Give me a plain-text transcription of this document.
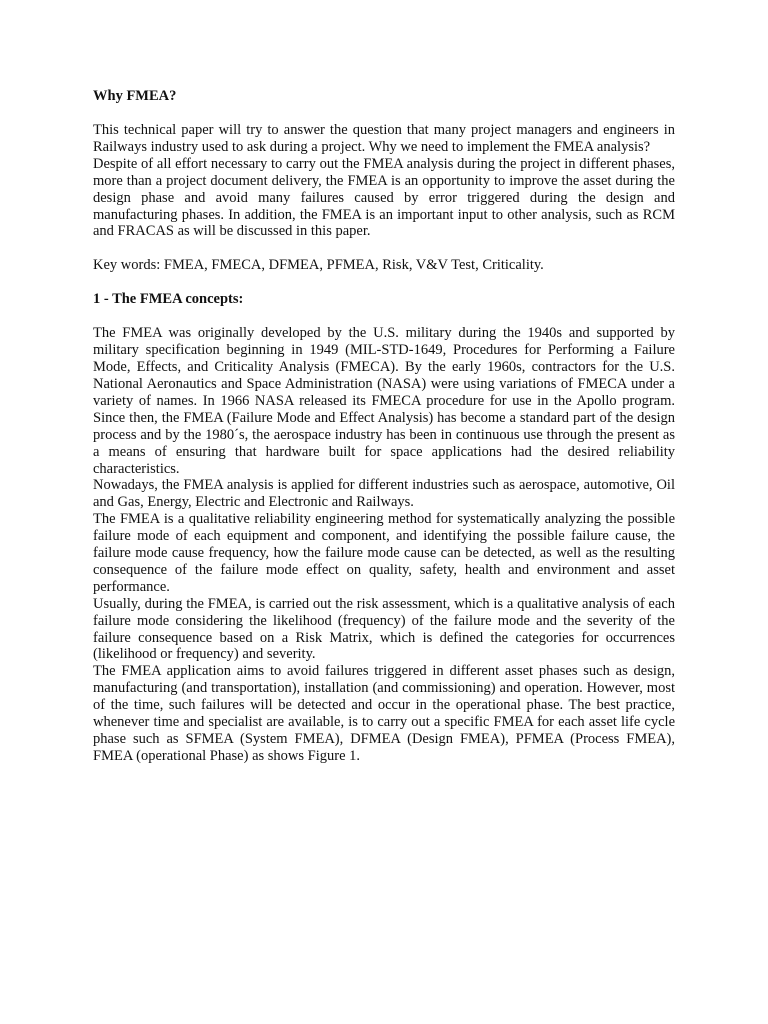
Why FMEA?

This technical paper will try to answer the question that many project managers and engineers in Railways industry used to ask during a project. Why we need to implement the FMEA analysis?

Despite of all effort necessary to carry out the FMEA analysis during the project in different phases, more than a project document delivery, the FMEA is an opportunity to improve the asset during the design phase and avoid many failures caused by error triggered during the design and manufacturing phases. In addition, the FMEA is an important input to other analysis, such as RCM and FRACAS as will be discussed in this paper.

Key words: FMEA, FMECA, DFMEA, PFMEA, Risk, V&V Test, Criticality.

1 - The FMEA concepts:

The FMEA was originally developed by the U.S. military during the 1940s and supported by military specification beginning in 1949 (MIL-STD-1649, Procedures for Performing a Failure Mode, Effects, and Criticality Analysis (FMECA). By the early 1960s, contractors for the U.S. National Aeronautics and Space Administration (NASA) were using variations of FMECA under a variety of names. In 1966 NASA released its FMECA procedure for use in the Apollo program. Since then, the FMEA (Failure Mode and Effect Analysis) has become a standard part of the design process and by the 1980´s, the aerospace industry has been in continuous use through the present as a means of ensuring that hardware built for space applications had the desired reliability characteristics.

Nowadays, the FMEA analysis is applied for different industries such as aerospace, automotive, Oil and Gas, Energy, Electric and Electronic and Railways.

The FMEA is a qualitative reliability engineering method for systematically analyzing the possible failure mode of each equipment and component, and identifying the possible failure cause, the failure mode cause frequency, how the failure mode cause can be detected, as well as the resulting consequence of the failure mode effect on quality, safety, health and environment and asset performance.

Usually, during the FMEA, is carried out the risk assessment, which is a qualitative analysis of each failure mode considering the likelihood (frequency) of the failure mode and the severity of the failure consequence based on a Risk Matrix, which is defined the categories for occurrences (likelihood or frequency) and severity.

The FMEA application aims to avoid failures triggered in different asset phases such as design, manufacturing (and transportation), installation (and commissioning) and operation. However, most of the time, such failures will be detected and occur in the operational phase. The best practice, whenever time and specialist are available, is to carry out a specific FMEA for each asset life cycle phase such as SFMEA (System FMEA), DFMEA (Design FMEA), PFMEA (Process FMEA), FMEA (operational Phase) as shows Figure 1.
